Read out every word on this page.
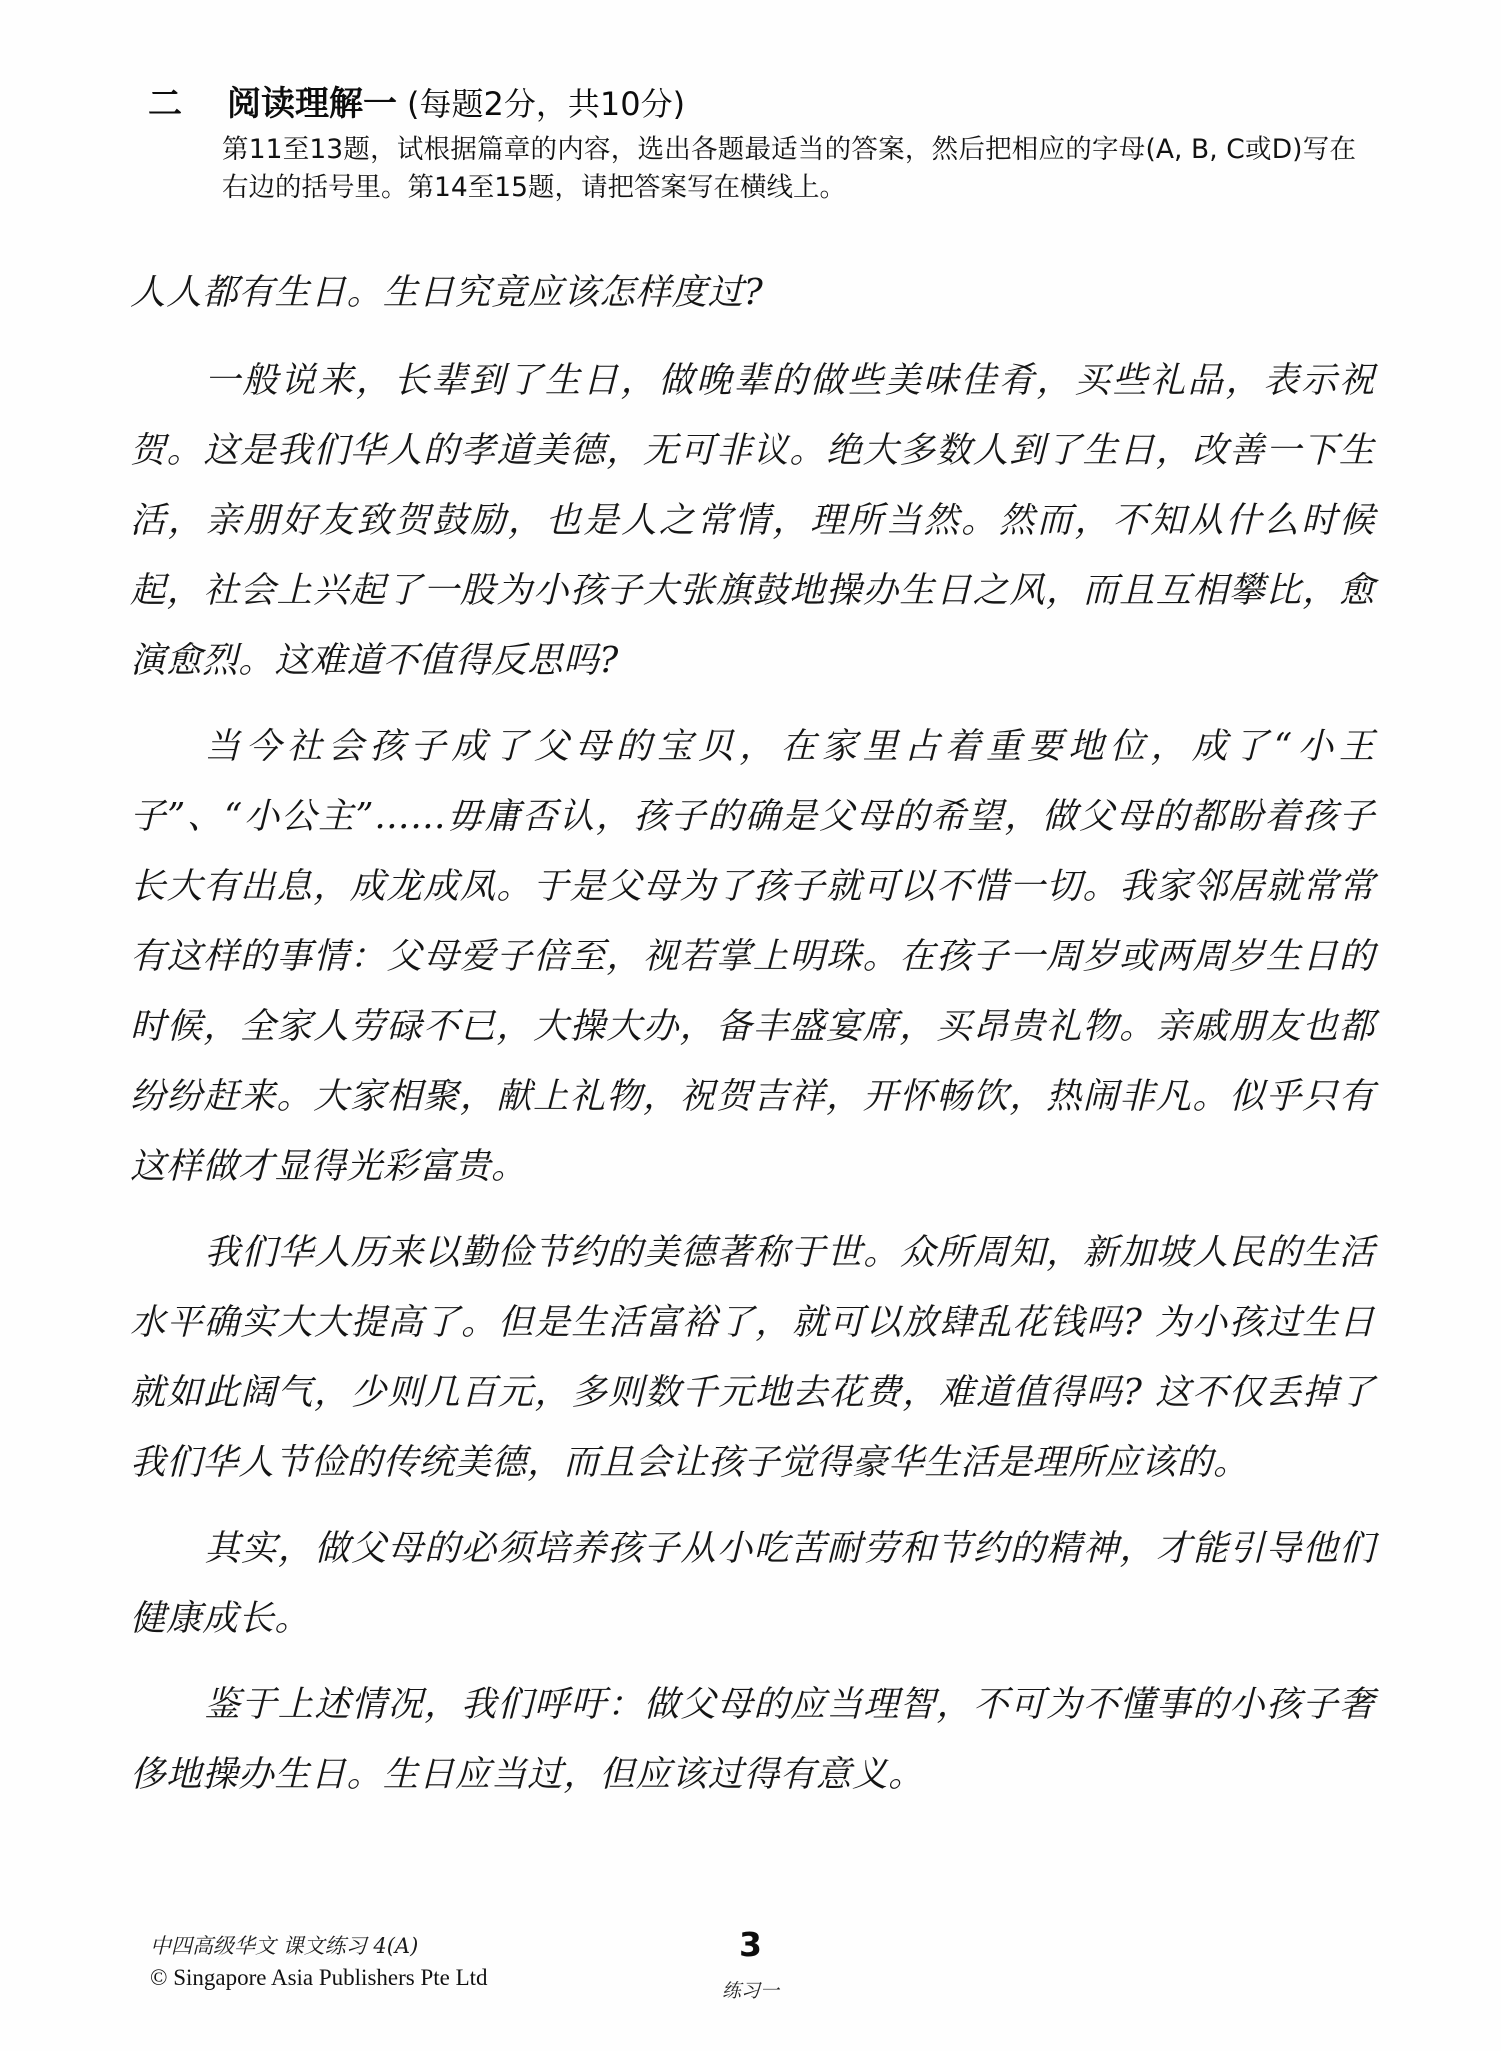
二 阅读理解一 (每题2分，共10分)
第11至13题，试根据篇章的内容，选出各题最适当的答案，然后把相应的字母(A, B, C或D)写在右边的括号里。第14至15题，请把答案写在横线上。

人人都有生日。生日究竟应该怎样度过?

一般说来，长辈到了生日，做晚辈的做些美味佳肴，买些礼品，表示祝贺。这是我们华人的孝道美德，无可非议。绝大多数人到了生日，改善一下生活，亲朋好友致贺鼓励，也是人之常情，理所当然。然而，不知从什么时候起，社会上兴起了一股为小孩子大张旗鼓地操办生日之风，而且互相攀比，愈演愈烈。这难道不值得反思吗?

当今社会孩子成了父母的宝贝，在家里占着重要地位，成了“小王子”、“小公主”……毋庸否认，孩子的确是父母的希望，做父母的都盼着孩子长大有出息，成龙成凤。于是父母为了孩子就可以不惜一切。我家邻居就常常有这样的事情：父母爱子倍至，视若掌上明珠。在孩子一周岁或两周岁生日的时候，全家人劳碌不已，大操大办，备丰盛宴席，买昂贵礼物。亲戚朋友也都纷纷赶来。大家相聚，献上礼物，祝贺吉祥，开怀畅饮，热闹非凡。似乎只有这样做才显得光彩富贵。

我们华人历来以勤俭节约的美德著称于世。众所周知，新加坡人民的生活水平确实大大提高了。但是生活富裕了，就可以放肆乱花钱吗? 为小孩过生日就如此阔气，少则几百元，多则数千元地去花费，难道值得吗? 这不仅丢掉了我们华人节俭的传统美德，而且会让孩子觉得豪华生活是理所应该的。

其实，做父母的必须培养孩子从小吃苦耐劳和节约的精神，才能引导他们健康成长。

鉴于上述情况，我们呼吁：做父母的应当理智，不可为不懂事的小孩子奢侈地操办生日。生日应当过，但应该过得有意义。

中四高级华文 课文练习 4(A)
© Singapore Asia Publishers Pte Ltd
3
练习一
